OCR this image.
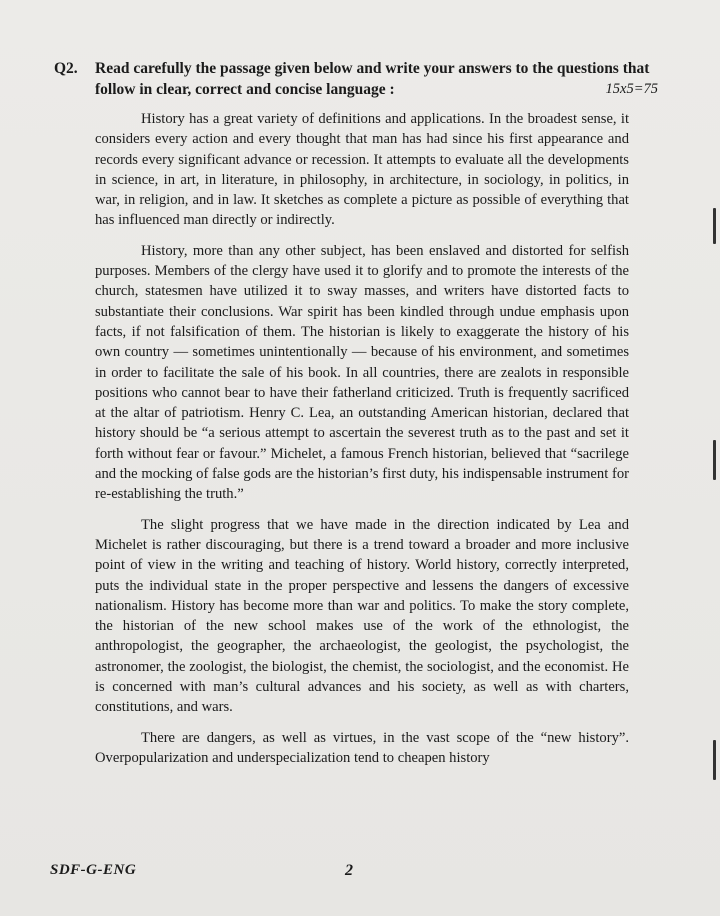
Q2.	Read carefully the passage given below and write your answers to the questions that follow in clear, correct and concise language :	15x5=75

History has a great variety of definitions and applications. In the broadest sense, it considers every action and every thought that man has had since his first appearance and records every significant advance or recession. It attempts to evaluate all the developments in science, in art, in literature, in philosophy, in architecture, in sociology, in politics, in war, in religion, and in law. It sketches as complete a picture as possible of everything that has influenced man directly or indirectly.

History, more than any other subject, has been enslaved and distorted for selfish purposes. Members of the clergy have used it to glorify and to promote the interests of the church, statesmen have utilized it to sway masses, and writers have distorted facts to substantiate their conclusions. War spirit has been kindled through undue emphasis upon facts, if not falsification of them. The historian is likely to exaggerate the history of his own country — sometimes unintentionally — because of his environment, and sometimes in order to facilitate the sale of his book. In all countries, there are zealots in responsible positions who cannot bear to have their fatherland criticized. Truth is frequently sacrificed at the altar of patriotism. Henry C. Lea, an outstanding American historian, declared that history should be “a serious attempt to ascertain the severest truth as to the past and set it forth without fear or favour.” Michelet, a famous French historian, believed that “sacrilege and the mocking of false gods are the historian’s first duty, his indispensable instrument for re-establishing the truth.”

The slight progress that we have made in the direction indicated by Lea and Michelet is rather discouraging, but there is a trend toward a broader and more inclusive point of view in the writing and teaching of history. World history, correctly interpreted, puts the individual state in the proper perspective and lessens the dangers of excessive nationalism. History has become more than war and politics. To make the story complete, the historian of the new school makes use of the work of the ethnologist, the anthropologist, the geographer, the archaeologist, the geologist, the psychologist, the astronomer, the zoologist, the biologist, the chemist, the sociologist, and the economist. He is concerned with man’s cultural advances and his society, as well as with charters, constitutions, and wars.

There are dangers, as well as virtues, in the vast scope of the “new history”. Overpopularization and underspecialization tend to cheapen history

SDF-G-ENG	2
